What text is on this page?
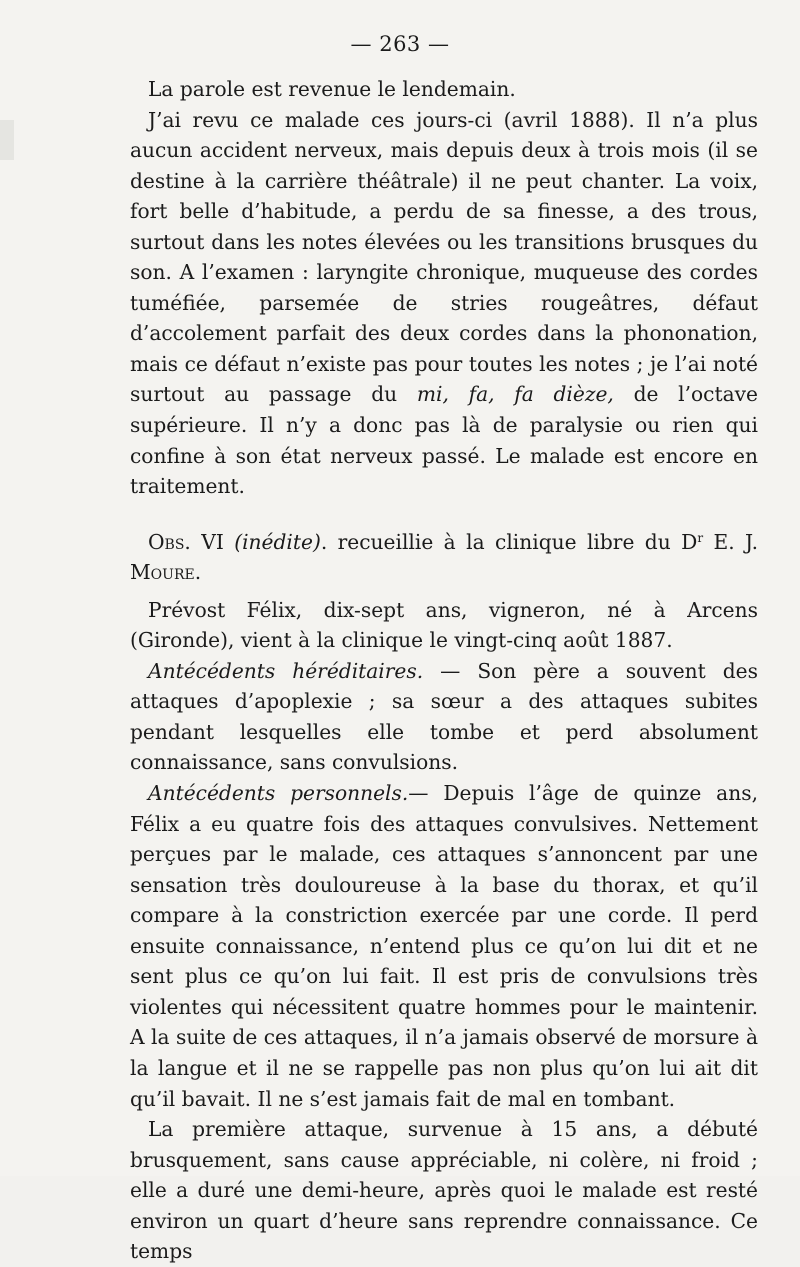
— 263 —

La parole est revenue le lendemain.

J’ai revu ce malade ces jours-ci (avril 1888). Il n’a plus aucun accident nerveux, mais depuis deux à trois mois (il se destine à la carrière théâtrale) il ne peut chanter. La voix, fort belle d’habitude, a perdu de sa finesse, a des trous, surtout dans les notes élevées ou les transitions brusques du son. A l’examen : laryngite chronique, muqueuse des cordes tuméfiée, parsemée de stries rougeâtres, défaut d’accolement parfait des deux cordes dans la phononation, mais ce défaut n’existe pas pour toutes les notes ; je l’ai noté surtout au passage du mi, fa, fa dièze, de l’octave supérieure. Il n’y a donc pas là de paralysie ou rien qui confine à son état nerveux passé. Le malade est encore en traitement.

Obs. VI (inédite). recueillie à la clinique libre du $D^r$ E. J. Moure.

Prévost Félix, dix-sept ans, vigneron, né à Arcens (Gironde), vient à la clinique le vingt-cinq août 1887.

Antécédents héréditaires. — Son père a souvent des attaques d’apoplexie ; sa sœur a des attaques subites pendant lesquelles elle tombe et perd absolument connaissance, sans convulsions.

Antécédents personnels.— Depuis l’âge de quinze ans, Félix a eu quatre fois des attaques convulsives. Nettement perçues par le malade, ces attaques s’annoncent par une sensation très douloureuse à la base du thorax, et qu’il compare à la constriction exercée par une corde. Il perd ensuite connaissance, n’entend plus ce qu’on lui dit et ne sent plus ce qu’on lui fait. Il est pris de convulsions très violentes qui nécessitent quatre hommes pour le maintenir. A la suite de ces attaques, il n’a jamais observé de morsure à la langue et il ne se rappelle pas non plus qu’on lui ait dit qu’il bavait. Il ne s’est jamais fait de mal en tombant.

La première attaque, survenue à 15 ans, a débuté brusquement, sans cause appréciable, ni colère, ni froid ; elle a duré une demi-heure, après quoi le malade est resté environ un quart d’heure sans reprendre connaissance. Ce temps
